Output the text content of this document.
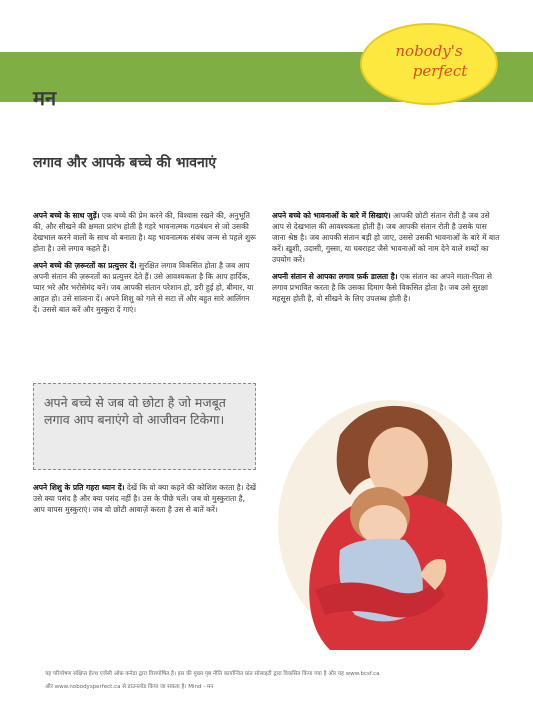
मन
nobody's
perfect
लगाव और आपके बच्चे की भावनाएं

अपने बच्चे के साथ जुड़ें। एक बच्चे की प्रेम करने की, विश्वास रखने की, अनुभूति की, और सीखने की क्षमता प्रारंभ होती है गहरे भावनात्मक गठबंधन से जो उसकी देखभाल करने वालों के साथ वो बनाता है। यह भावनात्मक संबंध जन्म से पहले शुरू होता है। उसे लगाव कहते हैं।

अपने बच्चे की ज़रूरतों का प्रत्युत्तर दें। सुरक्षित लगाव विकसित होता है जब आप अपनी संतान की ज़रूरतों का प्रत्युत्तर देते हैं। उसे आवश्यकता है कि आप हार्दिक, प्यार भरे और भरोसेमंद बनें। जब आपकी संतान परेशान हो, डरी हुई हो, बीमार, या आहत हो। उसे सांत्वना दें। अपने शिशु को गले से सटा लें और बहुत सारे आलिंगन दें। उससे बात करें और मुस्कुरा दें गाएं।

अपने बच्चे से जब वो छोटा है जो मजबूत लगाव आप बनाएंगे वो आजीवन टिकेगा।

अपने शिशु के प्रति गहरा ध्यान दें। देखें कि वो क्या कहने की कोशिश करता है। देखें उसे क्या पसंद है और क्या पसंद नहीं है। उस के पीछे चलें। जब वो मुस्कुराता है, आप वापस मुस्कुराएं। जब वो छोटी आवाज़ें करता है उस से बातें करें।

अपने बच्चे को भावनाओं के बारे में सिखाएं। आपकी छोटी संतान रोती है जब उसे आप से देखभाल की आवश्यकता होती है। जब आपकी संतान रोती है उसके पास जाना श्रेष्ठ है। जब आपकी संतान बड़ी हो जाए, उससे उसकी भावनाओं के बारे में बात करें। ख़ुशी, उदासी, गुस्सा, या घबराहट जैसे भावनाओं को नाम देने वाले शब्दों का उपयोग करें।

अपनी संतान से आपका लगाव फ़र्क डालता है। एक संतान का अपने माता-पिता से लगाव प्रभावित करता है कि उसका दिमाग कैसे विकसित होता है। जब उसे सुरक्षा महसूस होती है, वो सीखने के लिए उपलब्ध होती है।

यह परिपोषण संक्षिप्त हेल्थ एजेंसी ऑफ़ कनेडा द्वारा वित्तपोषित है। इस की मुख्य पृष्ठ नीति कार्यान्वित प्रांत सोसाइटी द्वारा विकसित किया गया है और यह www.bcsf.ca
और www.nobodysperfect.ca से डाउनलोड किया जा सकता है। Mind - मन
